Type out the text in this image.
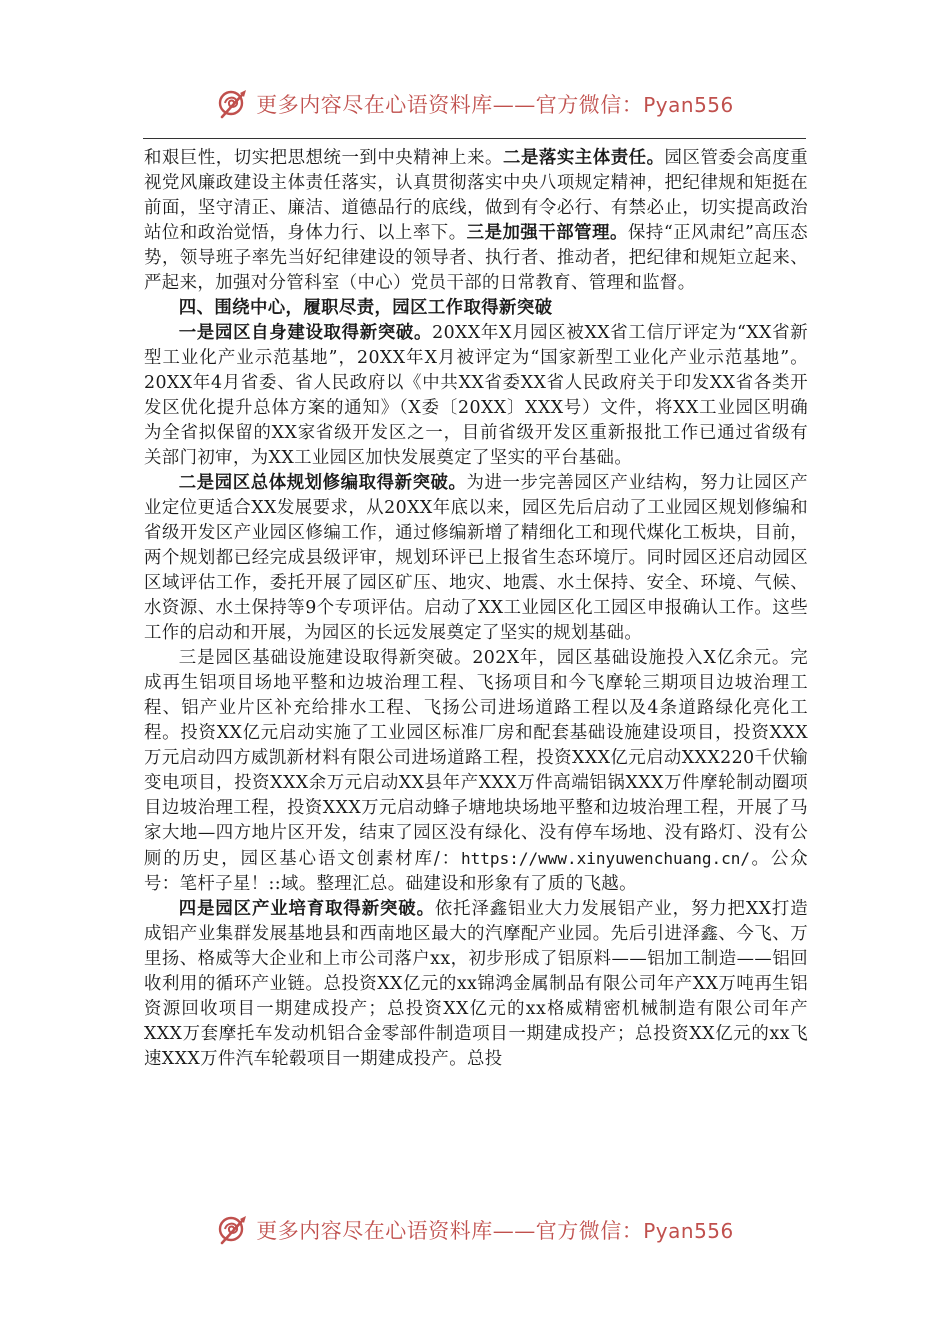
更多内容尽在心语资料库——官方微信：Pyan556

和艰巨性，切实把思想统一到中央精神上来。二是落实主体责任。园区管委会高度重视党风廉政建设主体责任落实，认真贯彻落实中央八项规定精神，把纪律规和矩挺在前面，坚守清正、廉洁、道德品行的底线，做到有令必行、有禁必止，切实提高政治站位和政治觉悟，身体力行、以上率下。三是加强干部管理。保持“正风肃纪”高压态势，领导班子率先当好纪律建设的领导者、执行者、推动者，把纪律和规矩立起来、严起来，加强对分管科室（中心）党员干部的日常教育、管理和监督。

四、围绕中心，履职尽责，园区工作取得新突破

一是园区自身建设取得新突破。20XX年X月园区被XX省工信厅评定为“XX省新型工业化产业示范基地”，20XX年X月被评定为“国家新型工业化产业示范基地”。20XX年4月省委、省人民政府以《中共XX省委XX省人民政府关于印发XX省各类开发区优化提升总体方案的通知》（X委〔20XX〕XXX号）文件，将XX工业园区明确为全省拟保留的XX家省级开发区之一，目前省级开发区重新报批工作已通过省级有关部门初审，为XX工业园区加快发展奠定了坚实的平台基础。

二是园区总体规划修编取得新突破。为进一步完善园区产业结构，努力让园区产业定位更适合XX发展要求，从20XX年底以来，园区先后启动了工业园区规划修编和省级开发区产业园区修编工作，通过修编新增了精细化工和现代煤化工板块，目前，两个规划都已经完成县级评审，规划环评已上报省生态环境厅。同时园区还启动园区区域评估工作，委托开展了园区矿压、地灾、地震、水土保持、安全、环境、气候、水资源、水土保持等9个专项评估。启动了XX工业园区化工园区申报确认工作。这些工作的启动和开展，为园区的长远发展奠定了坚实的规划基础。

三是园区基础设施建设取得新突破。202X年，园区基础设施投入X亿余元。完成再生铝项目场地平整和边坡治理工程、飞扬项目和今飞摩轮三期项目边坡治理工程、铝产业片区补充给排水工程、飞扬公司进场道路工程以及4条道路绿化亮化工程。投资XX亿元启动实施了工业园区标准厂房和配套基础设施建设项目，投资XXX万元启动四方威凯新材料有限公司进场道路工程，投资XXX亿元启动XXX220千伏输变电项目，投资XXX余万元启动XX县年产XXX万件高端铝锅XXX万件摩轮制动圈项目边坡治理工程，投资XXX万元启动蜂子塘地块场地平整和边坡治理工程，开展了马家大地—四方地片区开发，结束了园区没有绿化、没有停车场地、没有路灯、没有公厕的历史，园区基心语文创素材库/：https://www.xinyuwenchuang.cn/。公众号：笔杆子星！::域。整理汇总。础建设和形象有了质的飞越。

四是园区产业培育取得新突破。依托泽鑫铝业大力发展铝产业，努力把XX打造成铝产业集群发展基地县和西南地区最大的汽摩配产业园。先后引进泽鑫、今飞、万里扬、格威等大企业和上市公司落户xx，初步形成了铝原料——铝加工制造——铝回收利用的循环产业链。总投资XX亿元的xx锦鸿金属制品有限公司年产XX万吨再生铝资源回收项目一期建成投产；总投资XX亿元的xx格威精密机械制造有限公司年产XXX万套摩托车发动机铝合金零部件制造项目一期建成投产；总投资XX亿元的xx飞速XXX万件汽车轮毂项目一期建成投产。总投

更多内容尽在心语资料库——官方微信：Pyan556
